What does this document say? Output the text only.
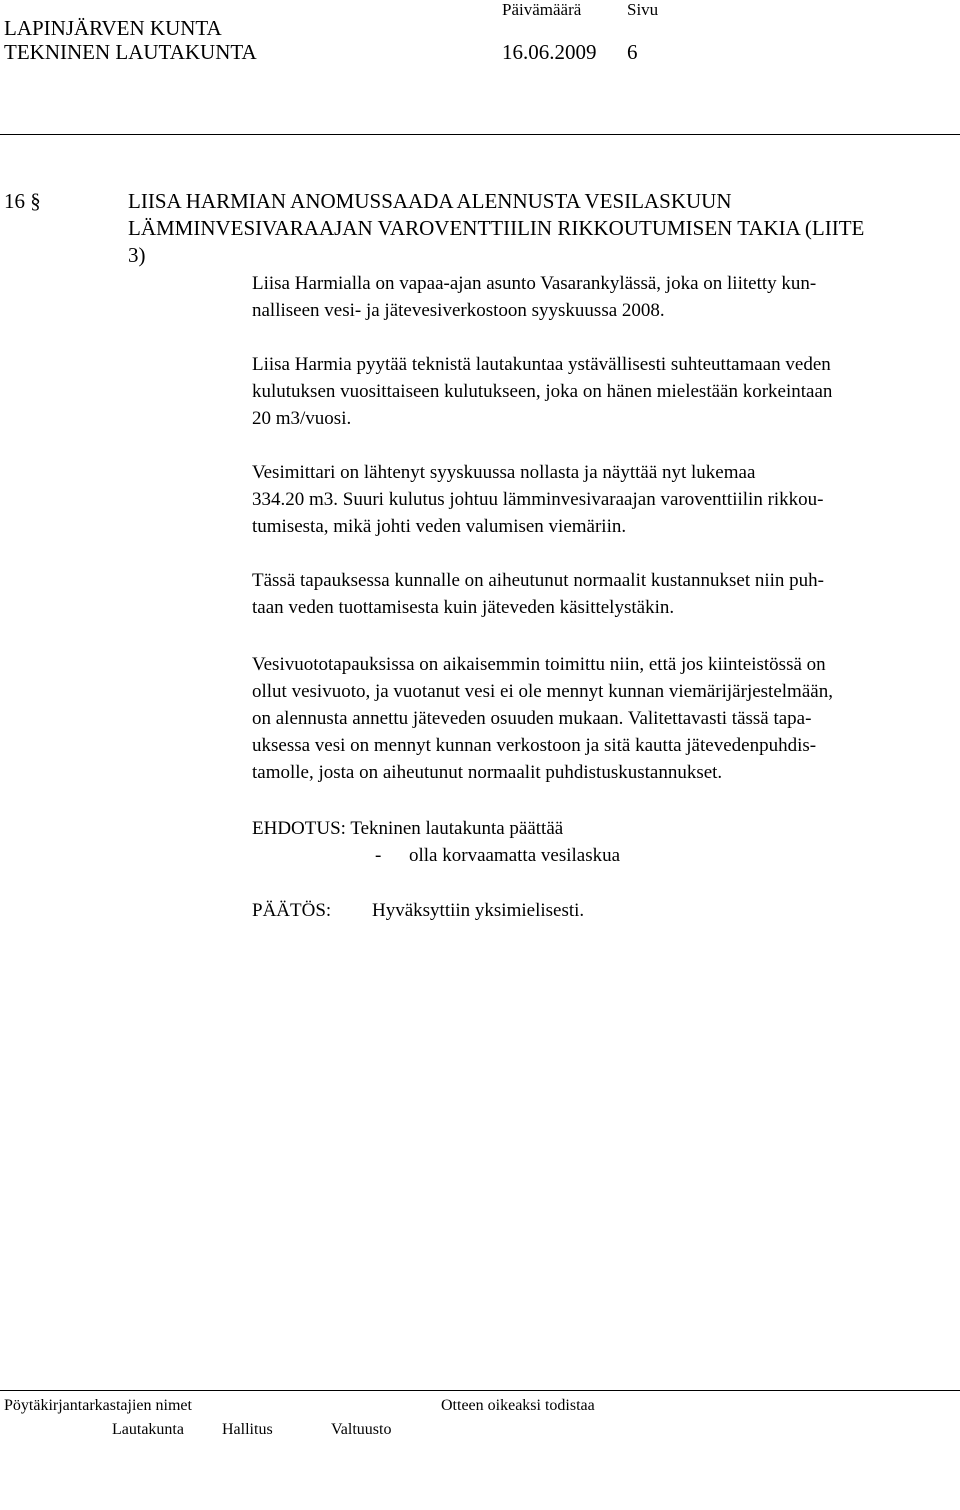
LAPINJÄRVEN KUNTA
TEKNINEN LAUTAKUNTA
Päivämäärä	Sivu
16.06.2009 6
16 §	LIISA HARMIAN ANOMUSSAADA ALENNUSTA VESILASKUUN
LÄMMINVESIVARAAJAN VAROVENTTIILIN RIKKOUTUMISEN TAKIA (LIITE
3)
Liisa Harmialla on vapaa-ajan asunto Vasarankylässä, joka on liitetty kun-
nalliseen vesi- ja jätevesiverkostoon syyskuussa 2008.
Liisa Harmia pyytää teknistä lautakuntaa ystävällisesti suhteuttamaan veden
kulutuksen vuosittaiseen kulutukseen, joka on hänen mielestään korkeintaan
20 m3/vuosi.
Vesimittari on lähtenyt syyskuussa nollasta ja näyttää nyt lukemaa
334.20 m3. Suuri kulutus johtuu lämminvesivaraajan varoventtiilin rikkou-
tumisesta, mikä johti veden valumisen viemäriin.
Tässä tapauksessa kunnalle on aiheutunut normaalit kustannukset niin puh-
taan veden tuottamisesta kuin jäteveden käsittelystäkin.
Vesivuototapauksissa on aikaisemmin toimittu niin, että jos kiinteistössä on
ollut vesivuoto, ja vuotanut vesi ei ole mennyt kunnan viemärijärjestelmään,
on alennusta annettu jäteveden osuuden mukaan. Valitettavasti tässä tapa-
uksessa vesi on mennyt kunnan verkostoon ja sitä kautta jätevedenpuhdis-
tamolle, josta on aiheutunut normaalit puhdistuskustannukset.
EHDOTUS: Tekninen lautakunta päättää
- olla korvaamatta vesilaskua
PÄÄTÖS: Hyväksyttiin yksimielisesti.
Pöytäkirjantarkastajien nimet	Otteen oikeaksi todistaa
Lautakunta Hallitus	Valtuusto
